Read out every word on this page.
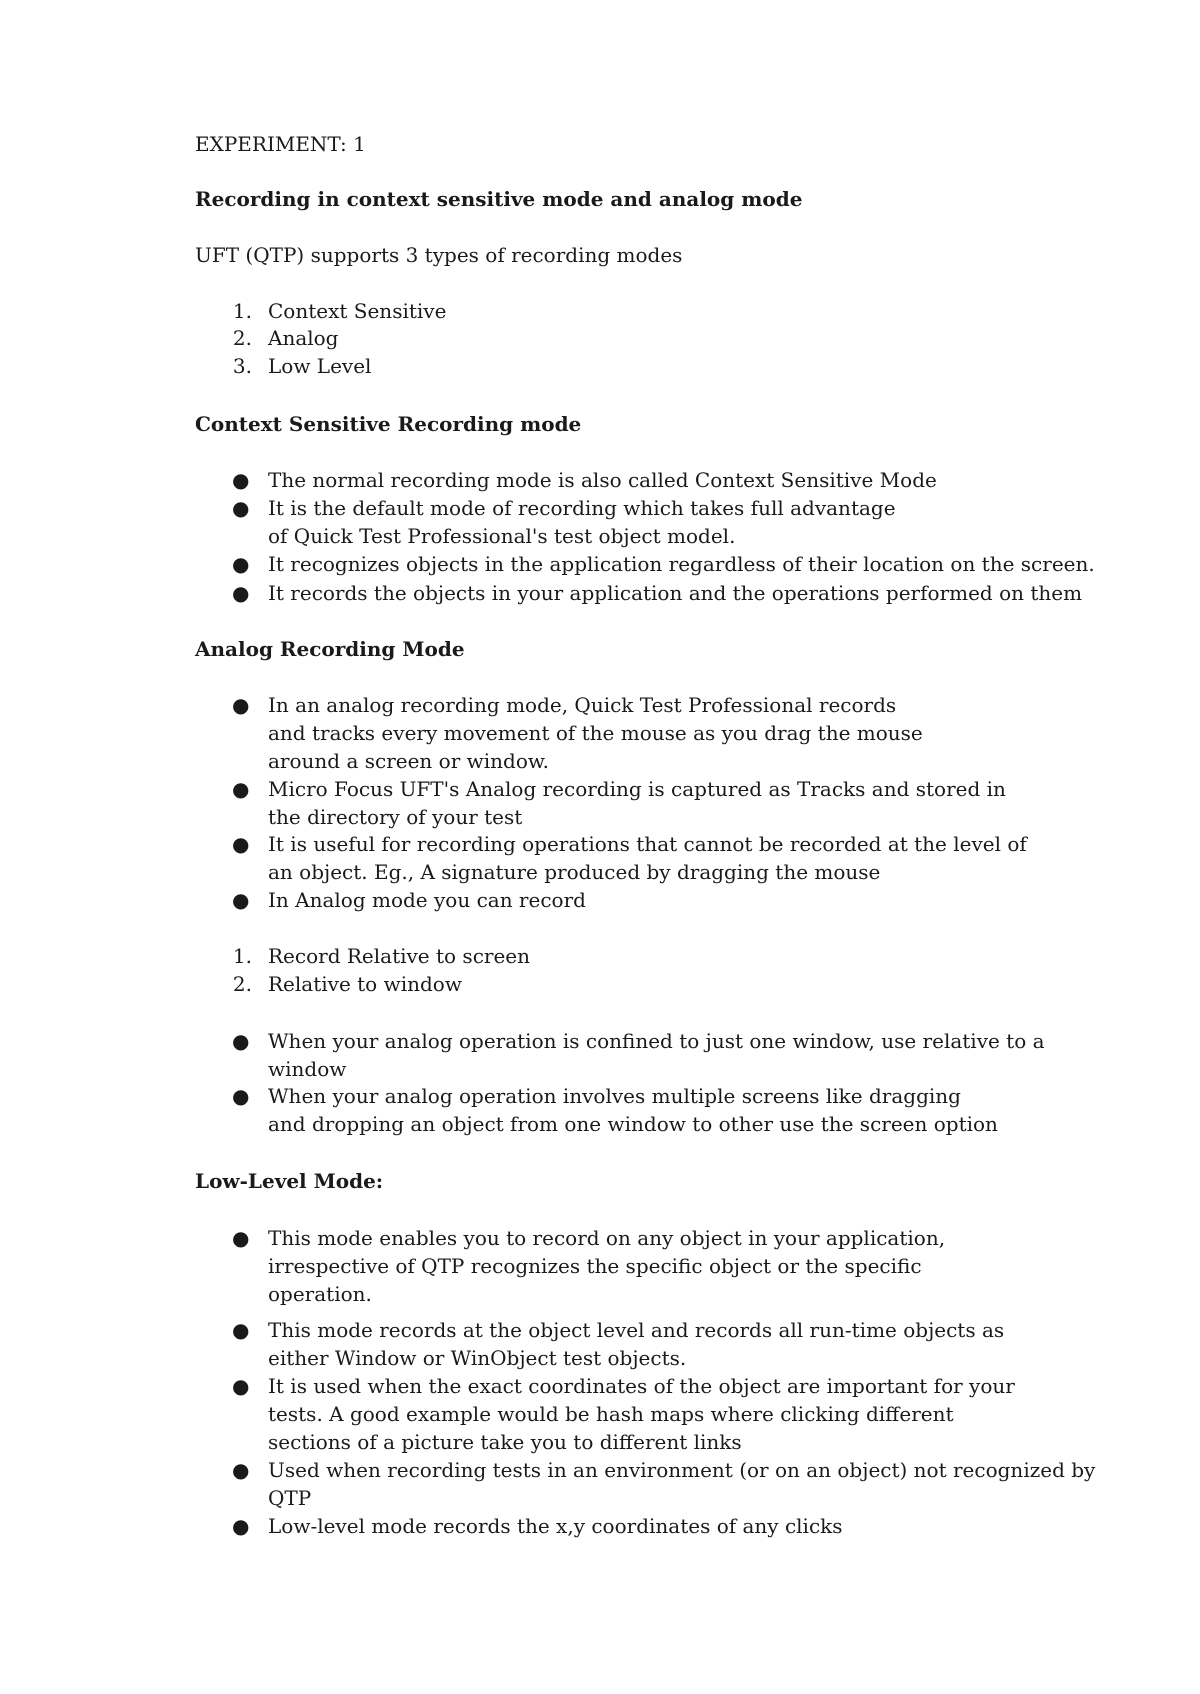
EXPERIMENT: 1
Recording in context sensitive mode and analog mode
UFT (QTP) supports 3 types of recording modes
1. Context Sensitive
2. Analog
3. Low Level
Context Sensitive Recording mode
● The normal recording mode is also called Context Sensitive Mode
● It is the default mode of recording which takes full advantage
of Quick Test Professional's test object model.
● It recognizes objects in the application regardless of their location on the screen.
● It records the objects in your application and the operations performed on them
Analog Recording Mode
● In an analog recording mode, Quick Test Professional records
and tracks every movement of the mouse as you drag the mouse
around a screen or window.
● Micro Focus UFT's Analog recording is captured as Tracks and stored in
the directory of your test
● It is useful for recording operations that cannot be recorded at the level of
an object. Eg., A signature produced by dragging the mouse
● In Analog mode you can record
1. Record Relative to screen
2. Relative to window
● When your analog operation is confined to just one window, use relative to a
window
● When your analog operation involves multiple screens like dragging
and dropping an object from one window to other use the screen option
Low-Level Mode:
● This mode enables you to record on any object in your application,
irrespective of QTP recognizes the specific object or the specific
operation.
● This mode records at the object level and records all run-time objects as
either Window or WinObject test objects.
● It is used when the exact coordinates of the object are important for your
tests. A good example would be hash maps where clicking different
sections of a picture take you to different links
● Used when recording tests in an environment (or on an object) not recognized by
QTP
● Low-level mode records the x,y coordinates of any clicks
